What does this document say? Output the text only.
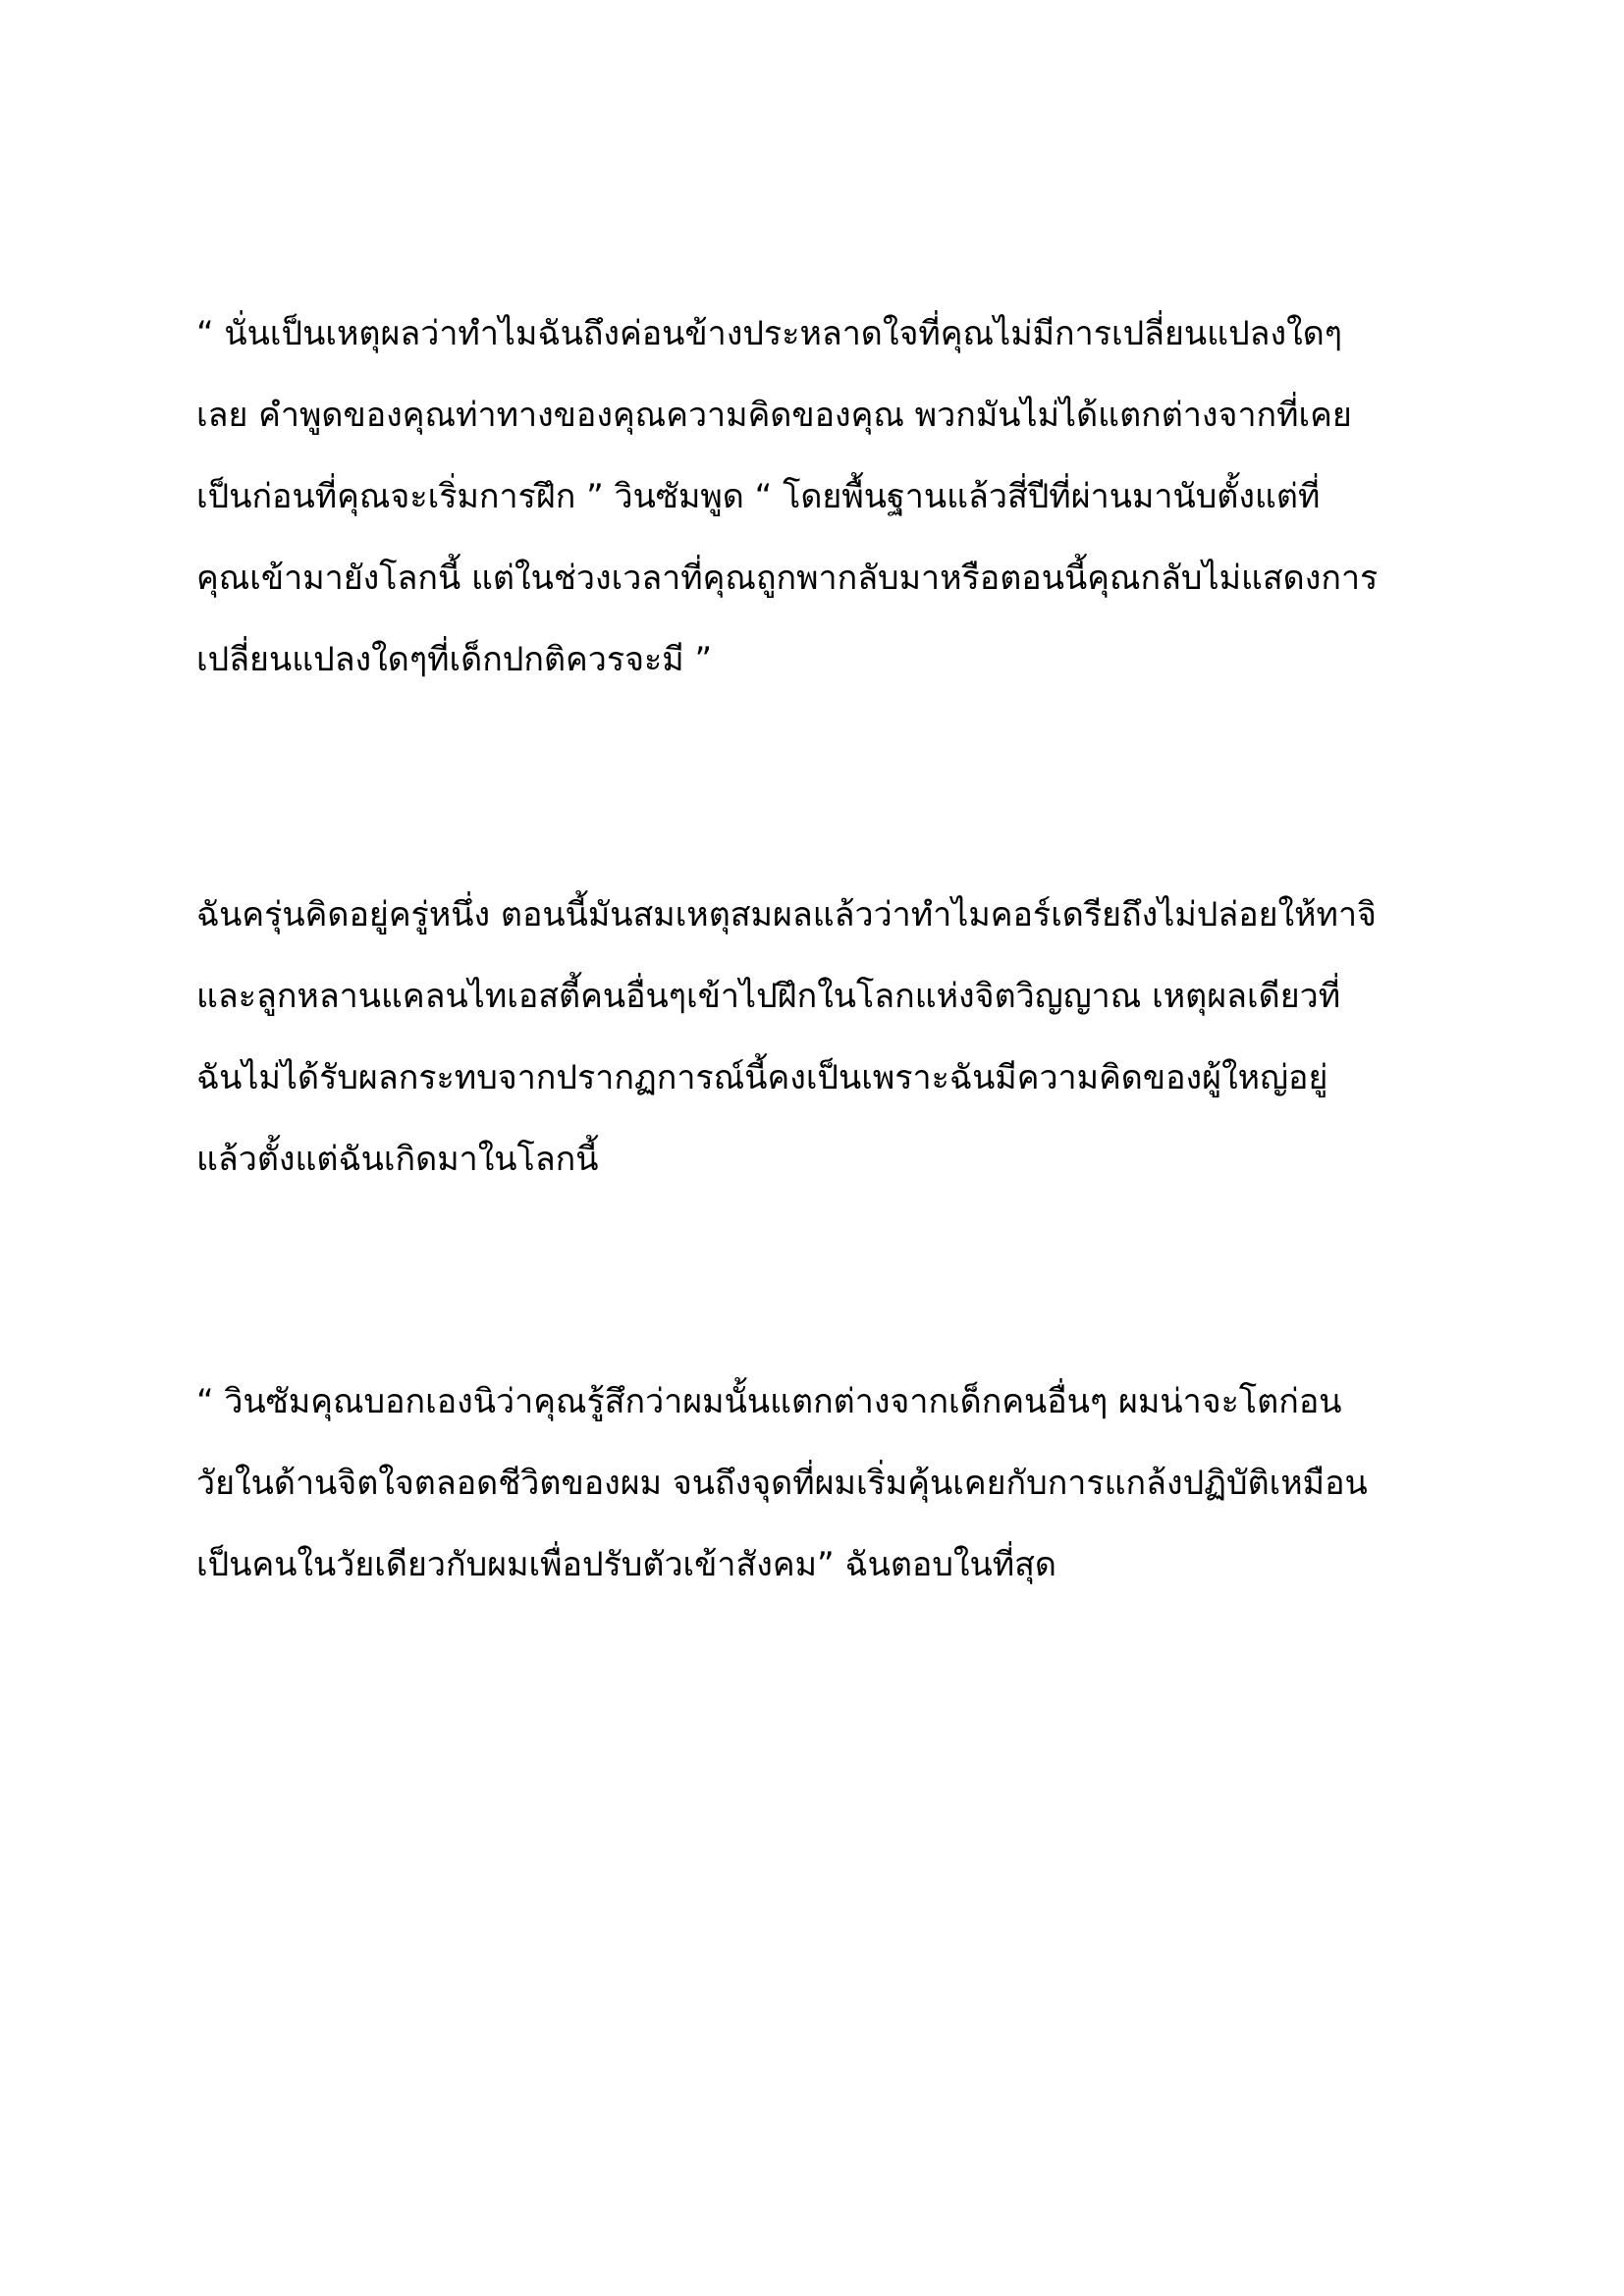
“ นั่นเป็นเหตุผลว่าทำไมฉันถึงค่อนข้างประหลาดใจที่คุณไม่มีการเปลี่ยนแปลงใดๆ
เลย คำพูดของคุณท่าทางของคุณความคิดของคุณ พวกมันไม่ได้แตกต่างจากที่เคย
เป็นก่อนที่คุณจะเริ่มการฝึก ” วินซัมพูด “ โดยพื้นฐานแล้วสี่ปีที่ผ่านมานับตั้งแต่ที่
คุณเข้ามายังโลกนี้ แต่ในช่วงเวลาที่คุณถูกพากลับมาหรือตอนนี้คุณกลับไม่แสดงการ
เปลี่ยนแปลงใดๆที่เด็กปกติควรจะมี ”
ฉันครุ่นคิดอยู่ครู่หนึ่ง ตอนนี้มันสมเหตุสมผลแล้วว่าทำไมคอร์เดรียถึงไม่ปล่อยให้ทาจิ
และลูกหลานแคลนไทเอสตี้คนอื่นๆเข้าไปฝึกในโลกแห่งจิตวิญญาณ เหตุผลเดียวที่
ฉันไม่ได้รับผลกระทบจากปรากฏการณ์นี้คงเป็นเพราะฉันมีความคิดของผู้ใหญ่อยู่
แล้วตั้งแต่ฉันเกิดมาในโลกนี้
“ วินซัมคุณบอกเองนิว่าคุณรู้สึกว่าผมนั้นแตกต่างจากเด็กคนอื่นๆ ผมน่าจะโตก่อน
วัยในด้านจิตใจตลอดชีวิตของผม จนถึงจุดที่ผมเริ่มคุ้นเคยกับการแกล้งปฏิบัติเหมือน
เป็นคนในวัยเดียวกับผมเพื่อปรับตัวเข้าสังคม” ฉันตอบในที่สุด
